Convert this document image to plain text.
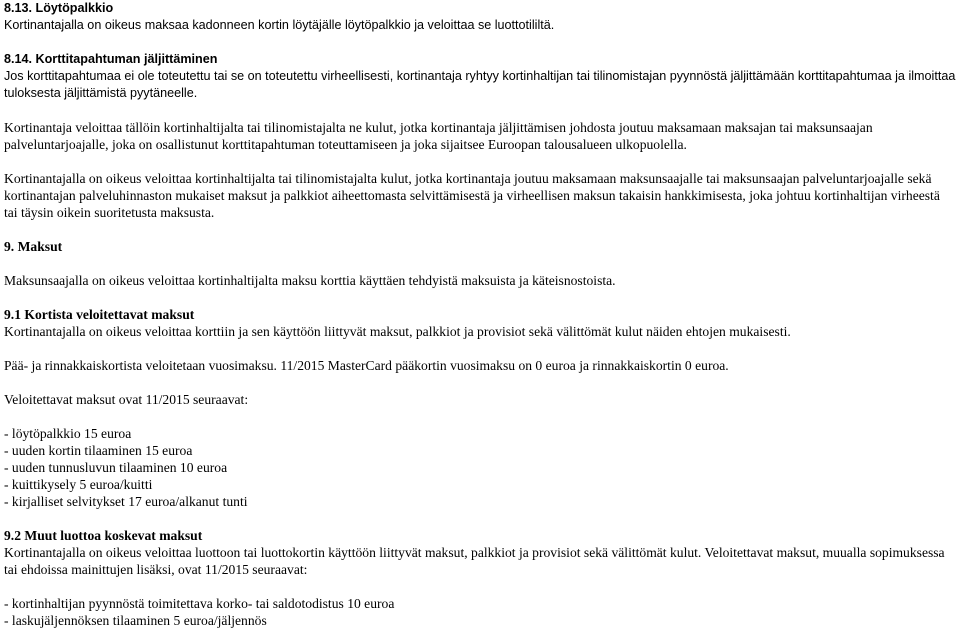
8.13. Löytöpalkkio

Kortinantajalla on oikeus maksaa kadonneen kortin löytäjälle löytöpalkkio ja veloittaa se luottotililtä.

8.14. Korttitapahtuman jäljittäminen

Jos korttitapahtumaa ei ole toteutettu tai se on toteutettu virheellisesti, kortinantaja ryhtyy kortinhaltijan tai tilinomistajan pyynnöstä jäljittämään korttitapahtumaa ja ilmoittaa tuloksesta jäljittämistä pyytäneelle.

Kortinantaja veloittaa tällöin kortinhaltijalta tai tilinomistajalta ne kulut, jotka kortinantaja jäljittämisen johdosta joutuu maksamaan maksajan tai maksunsaajan palveluntarjoajalle, joka on osallistunut korttitapahtuman toteuttamiseen ja joka sijaitsee Euroopan talousalueen ulkopuolella.

Kortinantajalla on oikeus veloittaa kortinhaltijalta tai tilinomistajalta kulut, jotka kortinantaja joutuu maksamaan maksunsaajalle tai maksunsaajan palveluntarjoajalle sekä kortinantajan palveluhinnaston mukaiset maksut ja palkkiot aiheettomasta selvittämisestä ja virheellisen maksun takaisin hankkimisesta, joka johtuu kortinhaltijan virheestä tai täysin oikein suoritetusta maksusta.

9. Maksut

Maksunsaajalla on oikeus veloittaa kortinhaltijalta maksu korttia käyttäen tehdyistä maksuista ja käteisnostoista.

9.1 Kortista veloitettavat maksut

Kortinantajalla on oikeus veloittaa korttiin ja sen käyttöön liittyvät maksut, palkkiot ja provisiot sekä välittömät kulut näiden ehtojen mukaisesti.

Pää- ja rinnakkaiskortista veloitetaan vuosimaksu. 11/2015 MasterCard pääkortin vuosimaksu on 0 euroa ja rinnakkaiskortin 0 euroa.

Veloitettavat maksut ovat 11/2015 seuraavat:

- löytöpalkkio 15 euroa

- uuden kortin tilaaminen 15 euroa

- uuden tunnusluvun tilaaminen 10 euroa

- kuittikysely 5 euroa/kuitti

- kirjalliset selvitykset 17 euroa/alkanut tunti

9.2 Muut luottoa koskevat maksut

Kortinantajalla on oikeus veloittaa luottoon tai luottokortin käyttöön liittyvät maksut, palkkiot ja provisiot sekä välittömät kulut. Veloitettavat maksut, muualla sopimuksessa tai ehdoissa mainittujen lisäksi, ovat 11/2015 seuraavat:

- kortinhaltijan pyynnöstä toimitettava korko- tai saldotodistus 10 euroa

- laskujäljennöksen tilaaminen 5 euroa/jäljennös
